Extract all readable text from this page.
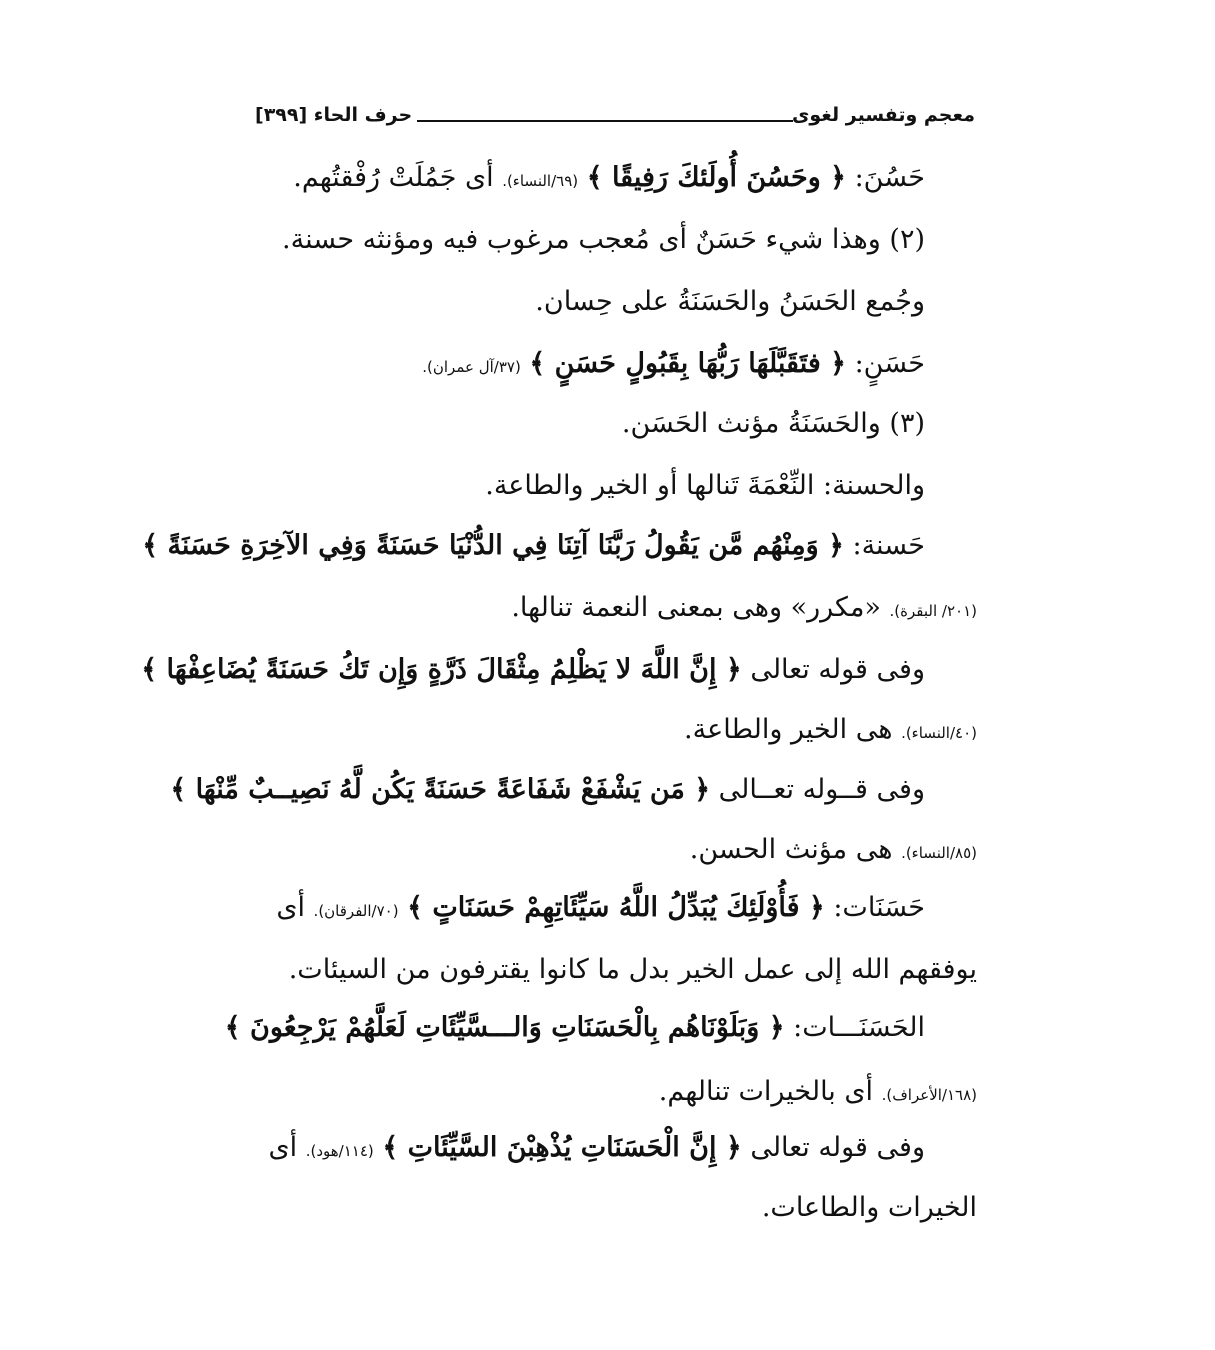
معجم وتفسير لغوى
حرف الحاء [٣٩٩]
حَسُنَ: ﴿ وحَسُنَ أُولَئكَ رَفِيقًا ﴾ (٦٩/النساء). أى جَمُلَتْ رُفْقتُهم.
(٢) وهذا شيء حَسَنٌ أى مُعجب مرغوب فيه ومؤنثه حسنة.
وجُمع الحَسَنُ والحَسَنَةُ على حِسان.
حَسَنٍ: ﴿ فتَقَبَّلَهَا رَبُّهَا بِقَبُولٍ حَسَنٍ ﴾ (٣٧/آل عمران).
(٣) والحَسَنَةُ مؤنث الحَسَن.
والحسنة: النِّعْمَةَ تَنالها أو الخير والطاعة.
حَسنة: ﴿ وَمِنْهُم مَّن يَقُولُ رَبَّنَا آتِنَا فِي الدُّنْيَا حَسَنَةً وَفِي الآخِرَةِ حَسَنَةً ﴾
(٢٠١/ البقرة). «مكرر» وهى بمعنى النعمة تنالها.
وفى قوله تعالى ﴿ إِنَّ اللَّهَ لا يَظْلِمُ مِثْقَالَ ذَرَّةٍ وَإِن تَكُ حَسَنَةً يُضَاعِفْهَا ﴾
(٤٠/النساء). هى الخير والطاعة.
وفى قــوله تعــالى ﴿ مَن يَشْفَعْ شَفَاعَةً حَسَنَةً يَكُن لَّهُ نَصِيــبٌ مِّنْهَا ﴾
(٨٥/النساء). هى مؤنث الحسن.
حَسَنَات: ﴿ فَأُوْلَئِكَ يُبَدِّلُ اللَّهُ سَيِّئَاتِهِمْ حَسَنَاتٍ ﴾ (٧٠/الفرقان). أى
يوفقهم الله إلى عمل الخير بدل ما كانوا يقترفون من السيئات.
الحَسَنَـــات: ﴿ وَبَلَوْنَاهُم بِالْحَسَنَاتِ وَالـــسَّيِّئَاتِ لَعَلَّهُمْ يَرْجِعُونَ ﴾
(١٦٨/الأعراف). أى بالخيرات تنالهم.
وفى قوله تعالى ﴿ إِنَّ الْحَسَنَاتِ يُذْهِبْنَ السَّيِّئَاتِ ﴾ (١١٤/هود). أى
الخيرات والطاعات.
